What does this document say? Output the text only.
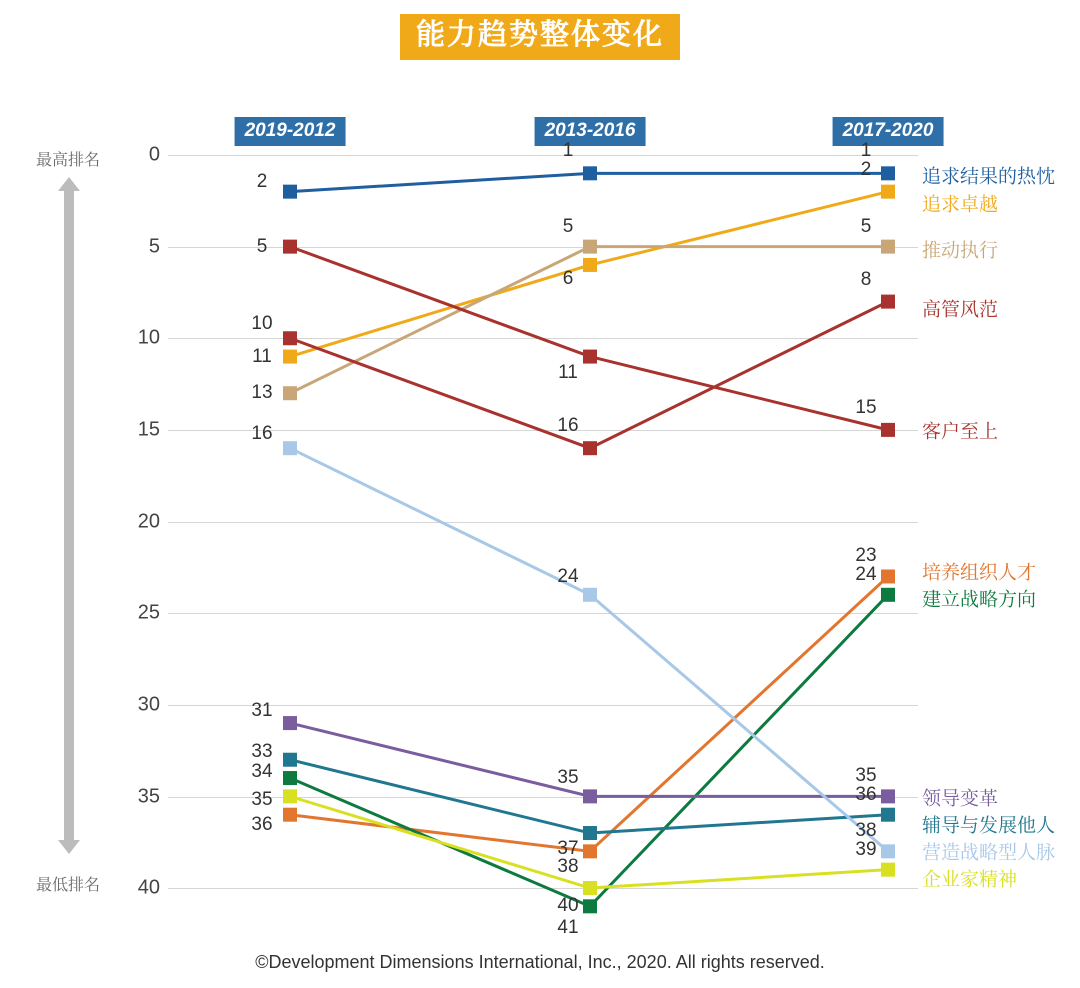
能力趋势整体变化
2019-2012	2013-2016	2017-2020
最高排名
最低排名
0
5
10
15
20
25
30
35
40
2
1	1
追求结果的热忱
11
6
2
追求卓越
13
5	5
推动执行
10
16
8
高管风范
5
11
15
客户至上
36
38
23
培养组织人才
34
41
24
建立战略方向
31
35	35
领导变革
33
37
36
辅导与发展他人
16
24
38
营造战略型人脉
35
40
39
企业家精神
©Development Dimensions International, Inc., 2020. All rights reserved.
